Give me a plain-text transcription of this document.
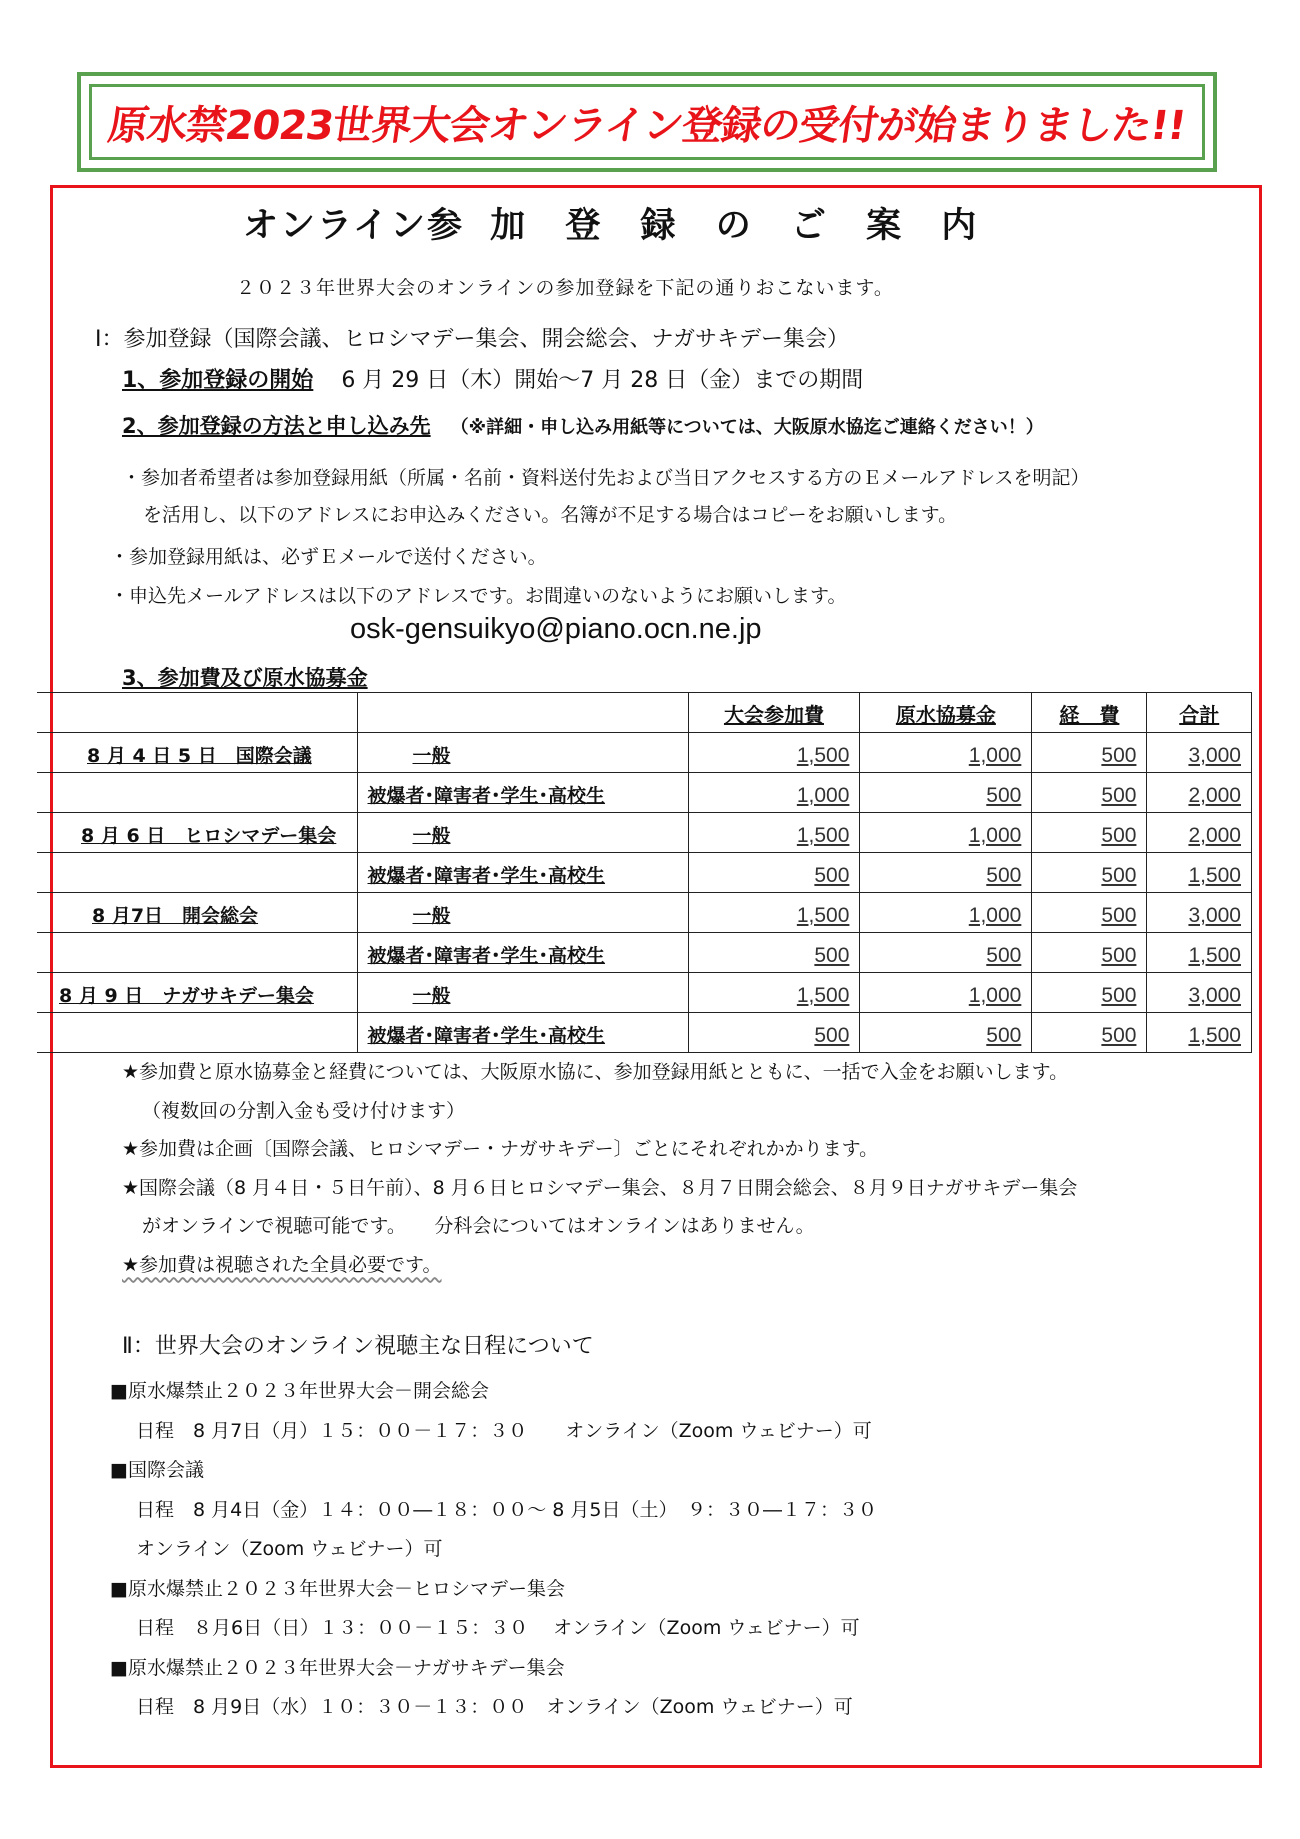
原水禁2023世界大会オンライン登録の受付が始まりました!!
オンライン参 加 登 録 の ご 案 内
２０２３年世界大会のオンラインの参加登録を下記の通りおこないます。
Ⅰ：参加登録（国際会議、ヒロシマデー集会、開会総会、ナガサキデー集会）
1、参加登録の開始 6 月 29 日（木）開始～7 月 28 日（金）までの期間
2、参加登録の方法と申し込み先 （※詳細・申し込み用紙等については、大阪原水協迄ご連絡ください！）
・参加者希望者は参加登録用紙（所属・名前・資料送付先および当日アクセスする方のＥメールアドレスを明記）
を活用し、以下のアドレスにお申込みください。名簿が不足する場合はコピーをお願いします。
・参加登録用紙は、必ずＥメールで送付ください。
・申込先メールアドレスは以下のアドレスです。お間違いのないようにお願いします。
osk-gensuikyo@piano.ocn.ne.jp
3、参加費及び原水協募金
		大会参加費	原水協募金	経　費	合計
8 月 4 日 5 日　国際会議	一般	1,500	1,000	500	3,000
	被爆者･障害者･学生･高校生	1,000	500	500	2,000
8 月 6 日　ヒロシマデー集会	一般	1,500	1,000	500	2,000
	被爆者･障害者･学生･高校生	500	500	500	1,500
8 月7日　開会総会	一般	1,500	1,000	500	3,000
	被爆者･障害者･学生･高校生	500	500	500	1,500
8 月 9 日　ナガサキデー集会	一般	1,500	1,000	500	3,000
	被爆者･障害者･学生･高校生	500	500	500	1,500
★参加費と原水協募金と経費については、大阪原水協に、参加登録用紙とともに、一括で入金をお願いします。
（複数回の分割入金も受け付けます）
★参加費は企画〔国際会議、ヒロシマデー・ナガサキデー〕ごとにそれぞれかかります。
★国際会議（8 月４日・５日午前）、8 月６日ヒロシマデー集会、８月７日開会総会、８月９日ナガサキデー集会
がオンラインで視聴可能です。　　分科会についてはオンラインはありません。
★参加費は視聴された全員必要です。
Ⅱ：世界大会のオンライン視聴主な日程について
■原水爆禁止２０２３年世界大会－開会総会
日程　8 月7日（月）１５：００－１７：３０　　オンライン（Zoom ウェビナー）可
■国際会議
日程　8 月4日（金）１４：００―１８：００～ 8 月5日（土）　９：３０―１７：３０
オンライン（Zoom ウェビナー）可
■原水爆禁止２０２３年世界大会－ヒロシマデー集会
日程　８月6日（日）１３：００－１５：３０　 オンライン（Zoom ウェビナー）可
■原水爆禁止２０２３年世界大会－ナガサキデー集会
日程　8 月9日（水）１０：３０－１３：００　オンライン（Zoom ウェビナー）可
